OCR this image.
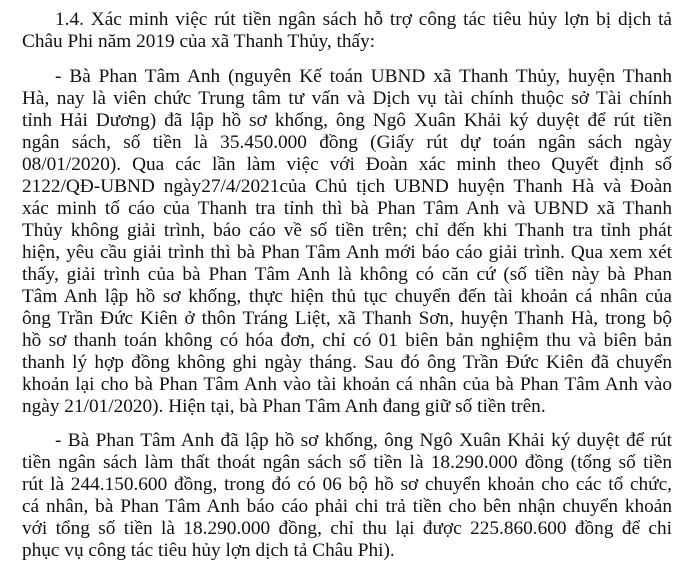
1.4. Xác minh việc rút tiền ngân sách hỗ trợ công tác tiêu hủy lợn bị dịch tả
Châu Phi năm 2019 của xã Thanh Thủy, thấy:
- Bà Phan Tâm Anh (nguyên Kế toán UBND xã Thanh Thủy, huyện Thanh
Hà, nay là viên chức Trung tâm tư vấn và Dịch vụ tài chính thuộc sở Tài chính
tỉnh Hải Dương) đã lập hồ sơ khống, ông Ngô Xuân Khải ký duyệt để rút tiền
ngân sách, số tiền là 35.450.000 đồng (Giấy rút dự toán ngân sách ngày
08/01/2020). Qua các lần làm việc với Đoàn xác minh theo Quyết định số
2122/QĐ-UBND ngày27/4/2021của Chủ tịch UBND huyện Thanh Hà và Đoàn
xác minh tố cáo của Thanh tra tỉnh thì bà Phan Tâm Anh và UBND xã Thanh
Thủy không giải trình, báo cáo về số tiền trên; chỉ đến khi Thanh tra tỉnh phát
hiện, yêu cầu giải trình thì bà Phan Tâm Anh mới báo cáo giải trình. Qua xem xét
thấy, giải trình của bà Phan Tâm Anh là không có căn cứ (số tiền này bà Phan
Tâm Anh lập hồ sơ khống, thực hiện thủ tục chuyển đến tài khoản cá nhân của
ông Trần Đức Kiên ở thôn Tráng Liệt, xã Thanh Sơn, huyện Thanh Hà, trong bộ
hồ sơ thanh toán không có hóa đơn, chỉ có 01 biên bản nghiệm thu và biên bản
thanh lý hợp đồng không ghi ngày tháng. Sau đó ông Trần Đức Kiên đã chuyển
khoản lại cho bà Phan Tâm Anh vào tài khoản cá nhân của bà Phan Tâm Anh vào
ngày 21/01/2020). Hiện tại, bà Phan Tâm Anh đang giữ số tiền trên.
- Bà Phan Tâm Anh đã lập hồ sơ khống, ông Ngô Xuân Khải ký duyệt để rút
tiền ngân sách làm thất thoát ngân sách số tiền là 18.290.000 đồng (tổng số tiền
rút là 244.150.600 đồng, trong đó có 06 bộ hồ sơ chuyển khoản cho các tổ chức,
cá nhân, bà Phan Tâm Anh báo cáo phải chi trả tiền cho bên nhận chuyển khoản
với tổng số tiền là 18.290.000 đồng, chỉ thu lại được 225.860.600 đồng để chi
phục vụ công tác tiêu hủy lợn dịch tả Châu Phi).
